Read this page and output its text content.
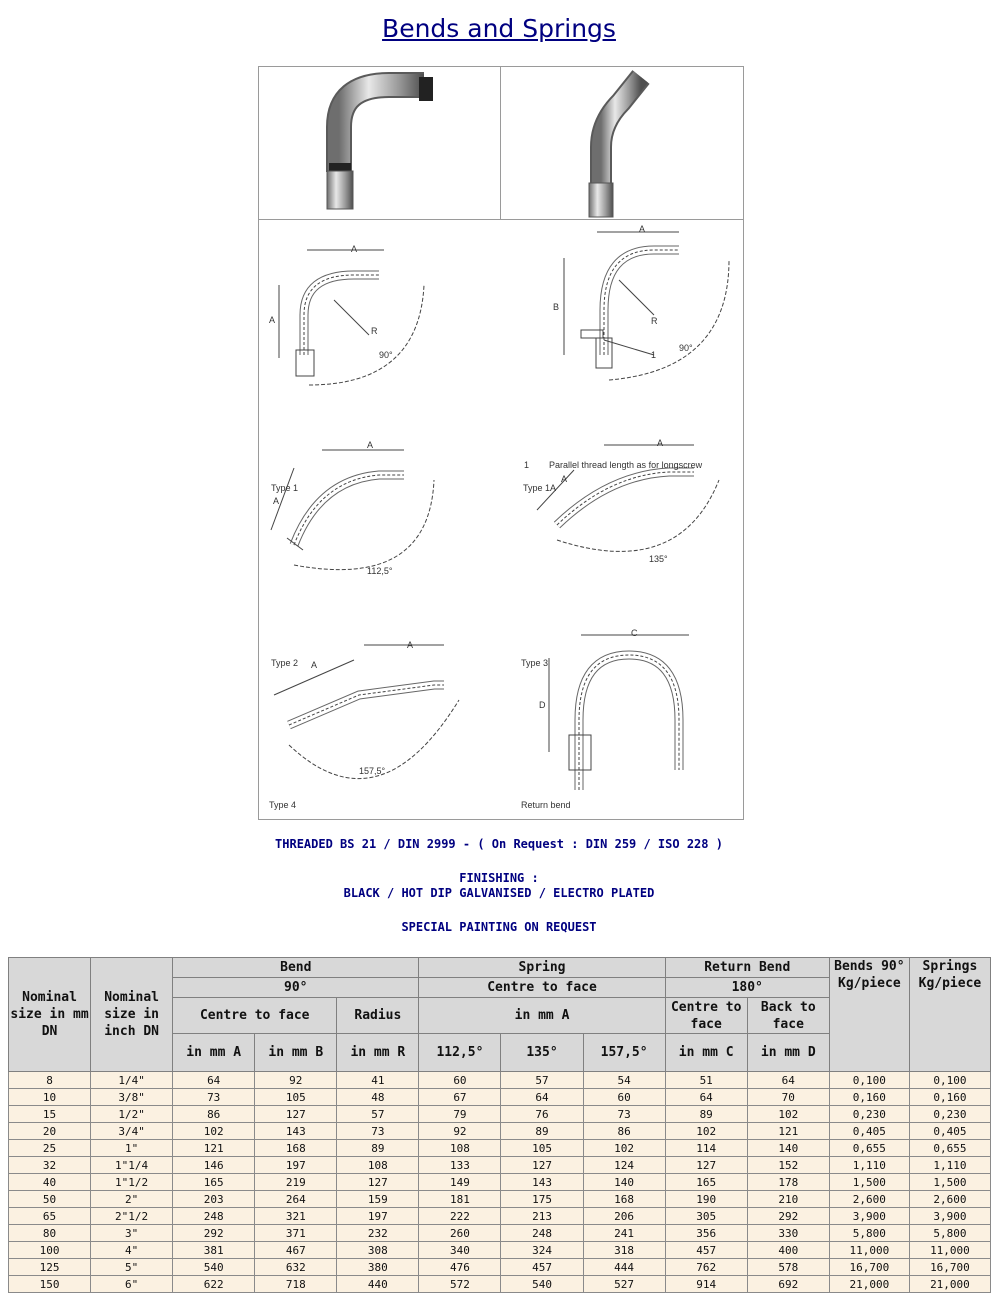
Bends and Springs
A
A
R
90°
A
B
R
1
90°
1 Parallel thread length as for longscrew
Type 1	Type 1A
A
A
112,5°
A
A
135°
Type 2	Type 3
A
A
157,5°
C
D
Type 4	Return bend
THREADED BS 21 / DIN 2999 - ( On Request : DIN 259 / ISO 228 )
FINISHING :
BLACK / HOT DIP GALVANISED / ELECTRO PLATED
SPECIAL PAINTING ON REQUEST
Nominal size in mm DN	Nominal size in inch DN	Bend			Spring			Return Bend		Bends 90° Kg/piece	Springs Kg/piece
		90°			Centre to face			180°			
		Centre to face		Radius	in mm A			Centre to face	Back to face		
		in mm A	in mm B	in mm R	112,5°	135°	157,5°	in mm C	in mm D		
8	1/4"	64	92	41	60	57	54	51	64	0,100	0,100
10	3/8"	73	105	48	67	64	60	64	70	0,160	0,160
15	1/2"	86	127	57	79	76	73	89	102	0,230	0,230
20	3/4"	102	143	73	92	89	86	102	121	0,405	0,405
25	1"	121	168	89	108	105	102	114	140	0,655	0,655
32	1"1/4	146	197	108	133	127	124	127	152	1,110	1,110
40	1"1/2	165	219	127	149	143	140	165	178	1,500	1,500
50	2"	203	264	159	181	175	168	190	210	2,600	2,600
65	2"1/2	248	321	197	222	213	206	305	292	3,900	3,900
80	3"	292	371	232	260	248	241	356	330	5,800	5,800
100	4"	381	467	308	340	324	318	457	400	11,000	11,000
125	5"	540	632	380	476	457	444	762	578	16,700	16,700
150	6"	622	718	440	572	540	527	914	692	21,000	21,000
